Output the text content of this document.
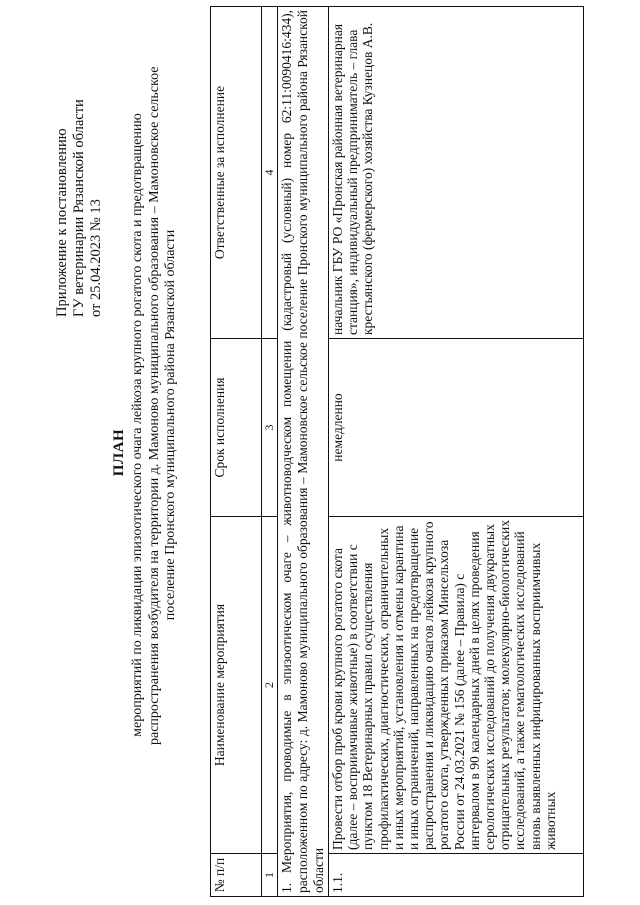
Приложение к постановлению ГУ ветеринарии Рязанской области от 25.04.2023 № 13
ПЛАН мероприятий по ликвидации эпизоотического очага лейкоза крупного рогатого скота и предотвращению распространения возбудителя на территории д. Мамоново муниципального образования – Мамоновское сельское поселение Пронского муниципального района Рязанской области
№ п/п	Наименование мероприятия	Срок исполнения	Ответственные за исполнение
1	2	3	4
1. Мероприятия, проводимые в эпизоотическом очаге – животноводческом помещении (кадастровый (условный) номер 62:11:0090416:434), расположенном по адресу: д. Мамоново муниципального образования – Мамоновское сельское поселение Пронского муниципального района Рязанской области			
1.1.	Провести отбор проб крови крупного рогатого скота (далее – восприимчивые животные) в соответствии с пунктом 18 Ветеринарных правил осуществления профилактических, диагностических, ограничительных и иных мероприятий, установления и отмены карантина и иных ограничений, направленных на предотвращение распространения и ликвидацию очагов лейкоза крупного рогатого скота, утвержденных приказом Минсельхоза России от 24.03.2021 № 156 (далее – Правила) с интервалом в 90 календарных дней в целях проведения серологических исследований до получения двукратных отрицательных результатов; молекулярно-биологических исследований, а также гематологических исследований вновь выявленных инфицированных восприимчивых животных	немедленно	начальник ГБУ РО «Пронская районная ветеринарная станция», индивидуальный предприниматель – глава крестьянского (фермерского) хозяйства Кузнецов А.В.
